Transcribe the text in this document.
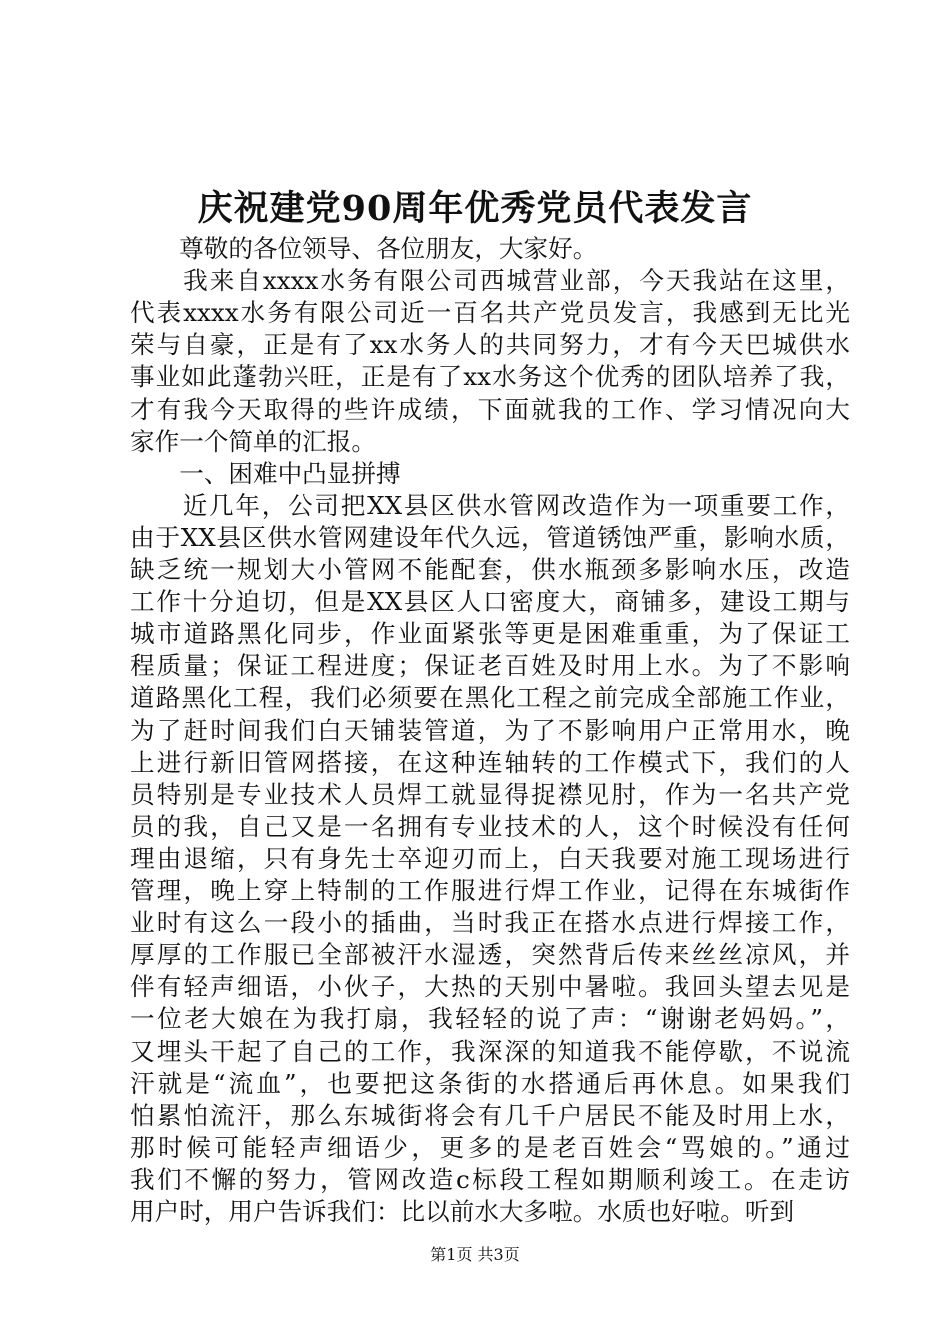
庆祝建党90周年优秀党员代表发言
　　尊敬的各位领导、各位朋友，大家好。
　　我来自xxxx水务有限公司西城营业部，今天我站在这里，
代表xxxx水务有限公司近一百名共产党员发言，我感到无比光
荣与自豪，正是有了xx水务人的共同努力，才有今天巴城供水
事业如此蓬勃兴旺，正是有了xx水务这个优秀的团队培养了我，
才有我今天取得的些许成绩，下面就我的工作、学习情况向大
家作一个简单的汇报。
　　一、困难中凸显拼搏
　　近几年，公司把XX县区供水管网改造作为一项重要工作，
由于XX县区供水管网建设年代久远，管道锈蚀严重，影响水质，
缺乏统一规划大小管网不能配套，供水瓶颈多影响水压，改造
工作十分迫切，但是XX县区人口密度大，商铺多，建设工期与
城市道路黑化同步，作业面紧张等更是困难重重，为了保证工
程质量；保证工程进度；保证老百姓及时用上水。为了不影响
道路黑化工程，我们必须要在黑化工程之前完成全部施工作业，
为了赶时间我们白天铺装管道，为了不影响用户正常用水，晚
上进行新旧管网搭接，在这种连轴转的工作模式下，我们的人
员特别是专业技术人员焊工就显得捉襟见肘，作为一名共产党
员的我，自己又是一名拥有专业技术的人，这个时候没有任何
理由退缩，只有身先士卒迎刃而上，白天我要对施工现场进行
管理，晚上穿上特制的工作服进行焊工作业，记得在东城街作
业时有这么一段小的插曲，当时我正在搭水点进行焊接工作，
厚厚的工作服已全部被汗水湿透，突然背后传来丝丝凉风，并
伴有轻声细语，小伙子，大热的天别中暑啦。我回头望去见是
一位老大娘在为我打扇，我轻轻的说了声：“谢谢老妈妈。”，
又埋头干起了自己的工作，我深深的知道我不能停歇，不说流
汗就是“流血”，也要把这条街的水搭通后再休息。如果我们
怕累怕流汗，那么东城街将会有几千户居民不能及时用上水，
那时候可能轻声细语少，更多的是老百姓会“骂娘的。”通过
我们不懈的努力，管网改造c标段工程如期顺利竣工。在走访
用户时，用户告诉我们：比以前水大多啦。水质也好啦。听到
第1页 共3页
